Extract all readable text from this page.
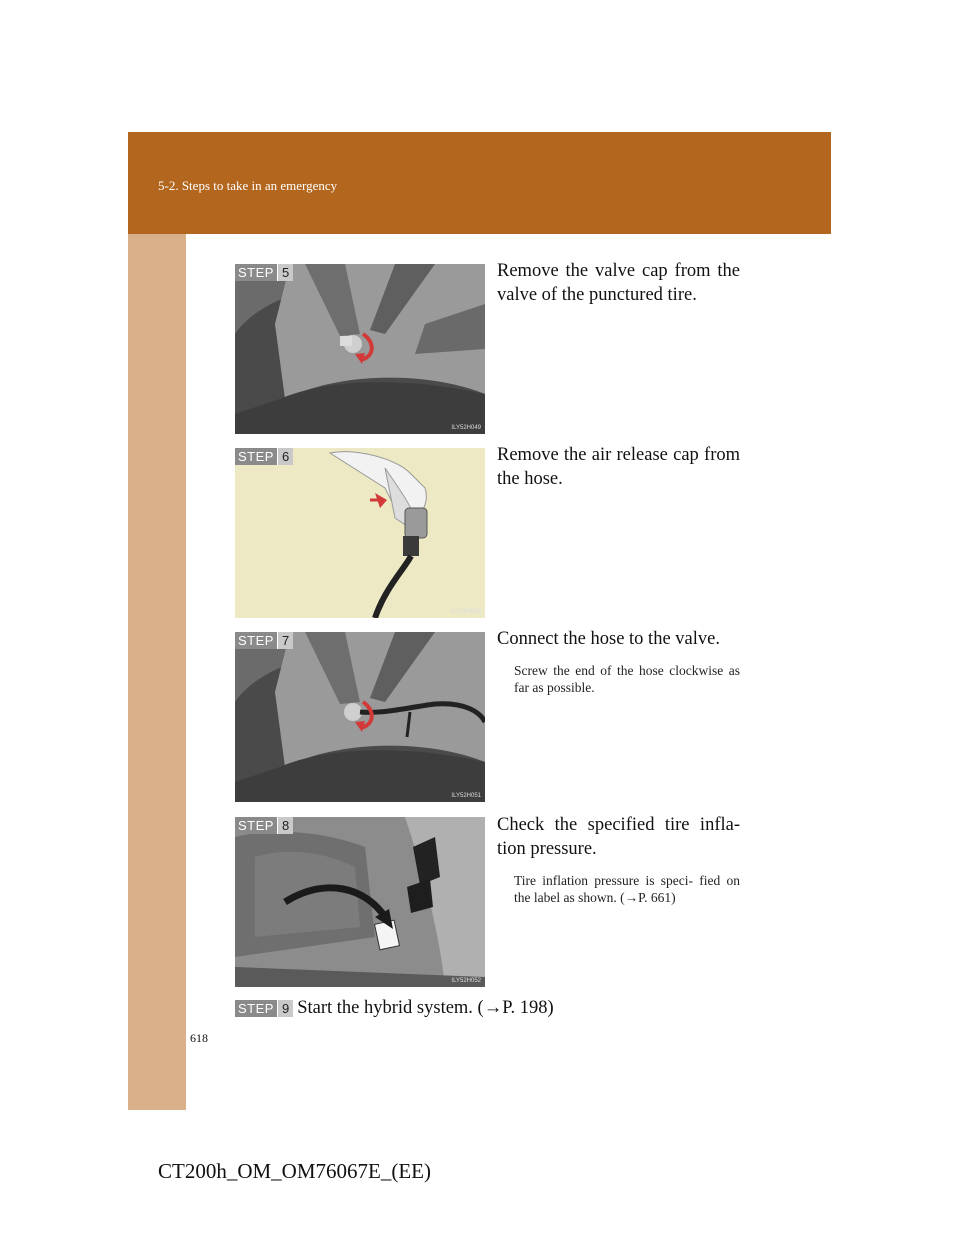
5-2. Steps to take in an emergency
STEP 5
ILY52H049
Remove the valve cap from the valve of the punctured tire.
STEP 6
ILY52H050
Remove the air release cap from the hose.
STEP 7
ILY52H051
Connect the hose to the valve.
Screw the end of the hose clockwise as far as possible.
STEP 8
ILY52H052
Check the specified tire infla- tion pressure.
Tire inflation pressure is speci- fied on the label as shown. (→P. 661)
STEP 9 Start the hybrid system. (→P. 198)
618
CT200h_OM_OM76067E_(EE)
